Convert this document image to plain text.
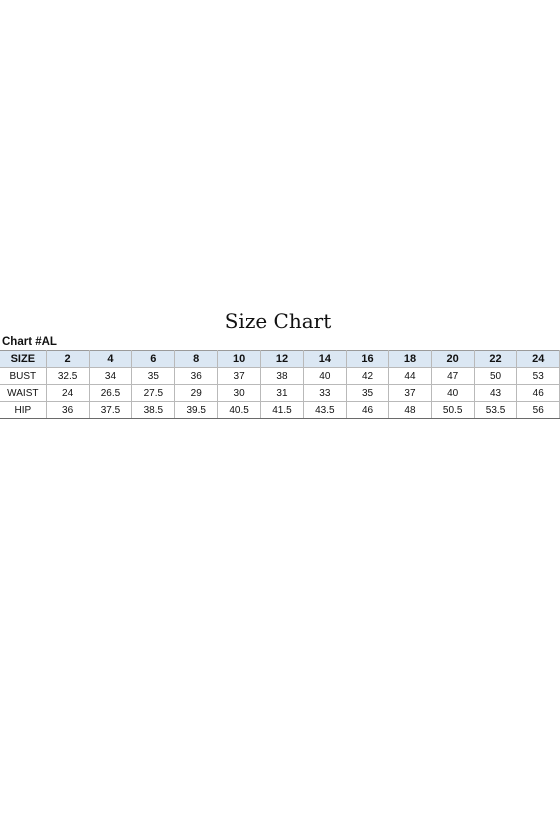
Size Chart
Chart #AL
SIZE	2	4	6	8	10	12	14	16	18	20	22	24
BUST	32.5	34	35	36	37	38	40	42	44	47	50	53
WAIST	24	26.5	27.5	29	30	31	33	35	37	40	43	46
HIP	36	37.5	38.5	39.5	40.5	41.5	43.5	46	48	50.5	53.5	56
